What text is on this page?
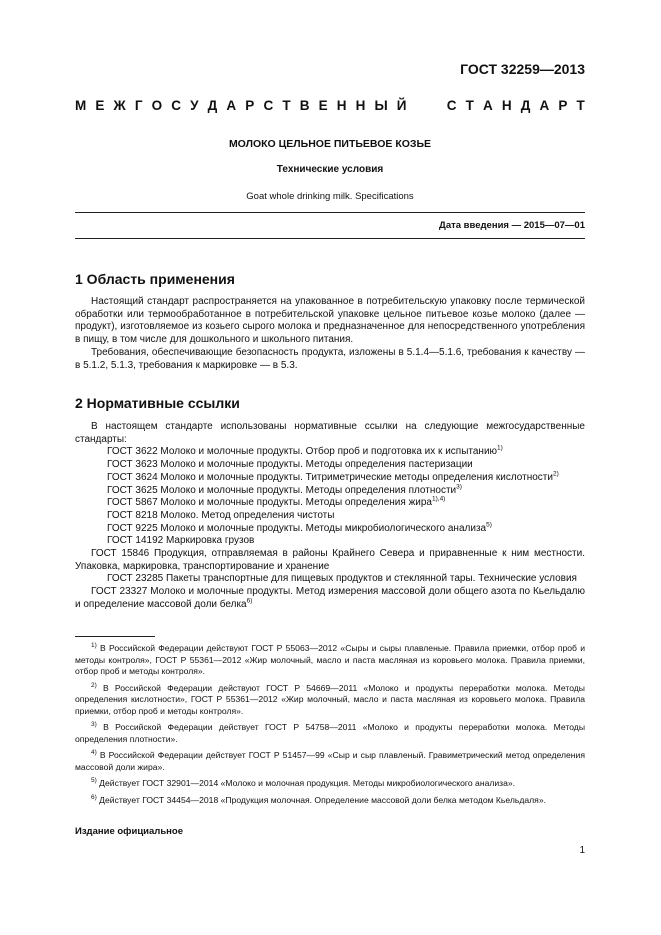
ГОСТ 32259—2013
М Е Ж Г О С У Д А Р С Т В Е Н Н Ы Й	С Т А Н Д А Р Т
МОЛОКО ЦЕЛЬНОЕ ПИТЬЕВОЕ КОЗЬЕ
Технические условия
Goat whole drinking milk. Specifications
Дата введения — 2015—07—01
1 Область применения

Настоящий стандарт распространяется на упакованное в потребительскую упаковку после термической обработки или термообработанное в потребительской упаковке цельное питьевое козье молоко (далее — продукт), изготовляемое из козьего сырого молока и предназначенное для непосредственного употребления в пищу, в том числе для дошкольного и школьного питания.

Требования, обеспечивающие безопасность продукта, изложены в 5.1.4—5.1.6, требования к качеству — в 5.1.2, 5.1.3, требования к маркировке — в 5.3.

2 Нормативные ссылки

В настоящем стандарте использованы нормативные ссылки на следующие межгосударственные стандарты:

ГОСТ 3622 Молоко и молочные продукты. Отбор проб и подготовка их к испытанию$^{1)}$

ГОСТ 3623 Молоко и молочные продукты. Методы определения пастеризации

ГОСТ 3624 Молоко и молочные продукты. Титриметрические методы определения кислотности$^{2)}$

ГОСТ 3625 Молоко и молочные продукты. Методы определения плотности$^{3)}$

ГОСТ 5867 Молоко и молочные продукты. Методы определения жира$^{1),4)}$

ГОСТ 8218 Молоко. Метод определения чистоты

ГОСТ 9225 Молоко и молочные продукты. Методы микробиологического анализа$^{5)}$

ГОСТ 14192 Маркировка грузов

ГОСТ 15846 Продукция, отправляемая в районы Крайнего Севера и приравненные к ним местности. Упаковка, маркировка, транспортирование и хранение

ГОСТ 23285 Пакеты транспортные для пищевых продуктов и стеклянной тары. Технические условия

ГОСТ 23327 Молоко и молочные продукты. Метод измерения массовой доли общего азота по Кьельдалю и определение массовой доли белка$^{6)}$

$^{1)}$ В Российской Федерации действуют ГОСТ Р 55063—2012 «Сыры и сыры плавленые. Правила приемки, отбор проб и методы контроля», ГОСТ Р 55361—2012 «Жир молочный, масло и паста масляная из коровьего молока. Правила приемки, отбор проб и методы контроля».

$^{2)}$ В Российской Федерации действуют ГОСТ Р 54669—2011 «Молоко и продукты переработки молока. Методы определения кислотности», ГОСТ Р 55361—2012 «Жир молочный, масло и паста масляная из коровьего молока. Правила приемки, отбор проб и методы контроля».

$^{3)}$ В Российской Федерации действует ГОСТ Р 54758—2011 «Молоко и продукты переработки молока. Методы определения плотности».

$^{4)}$ В Российской Федерации действует ГОСТ Р 51457—99 «Сыр и сыр плавленый. Гравиметрический метод определения массовой доли жира».

$^{5)}$ Действует ГОСТ 32901—2014 «Молоко и молочная продукция. Методы микробиологического анализа».

$^{6)}$ Действует ГОСТ 34454—2018 «Продукция молочная. Определение массовой доли белка методом Кьельдаля».

Издание официальное
1
